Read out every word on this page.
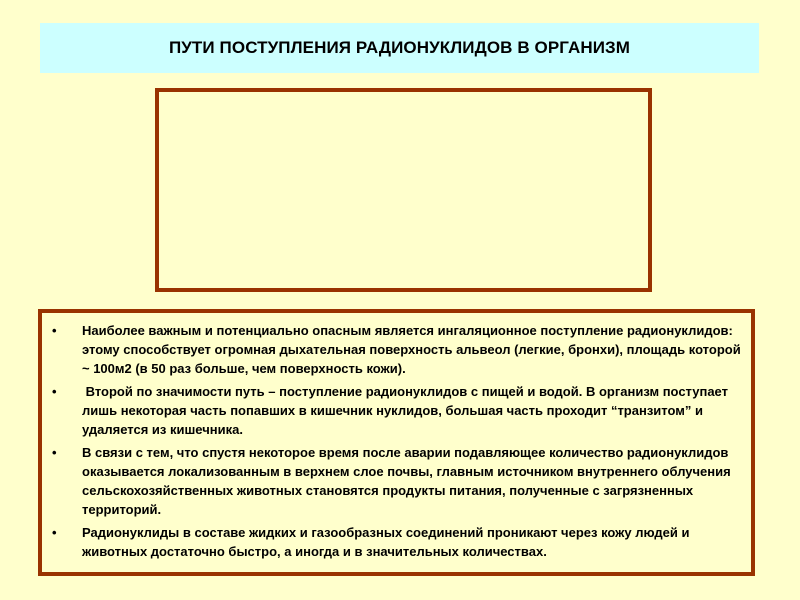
ПУТИ ПОСТУПЛЕНИЯ РАДИОНУКЛИДОВ В ОРГАНИЗМ
•	Наиболее важным и потенциально опасным является ингаляционное поступление радионуклидов: этому способствует огромная дыхательная поверхность альвеол (легкие, бронхи), площадь которой ~ 100м2 (в 50 раз больше, чем поверхность кожи).
•	Второй по значимости путь – поступление радионуклидов с пищей и водой. В организм поступает лишь некоторая часть попавших в кишечник нуклидов, большая часть проходит “транзитом” и удаляется из кишечника.
•	В связи с тем, что спустя некоторое время после аварии подавляющее количество радионуклидов оказывается локализованным в верхнем слое почвы, главным источником внутреннего облучения сельскохозяйственных животных становятся продукты питания, полученные с загрязненных территорий.
•	Радионуклиды в составе жидких и газообразных соединений проникают через кожу людей и животных достаточно быстро, а иногда и в значительных количествах.
